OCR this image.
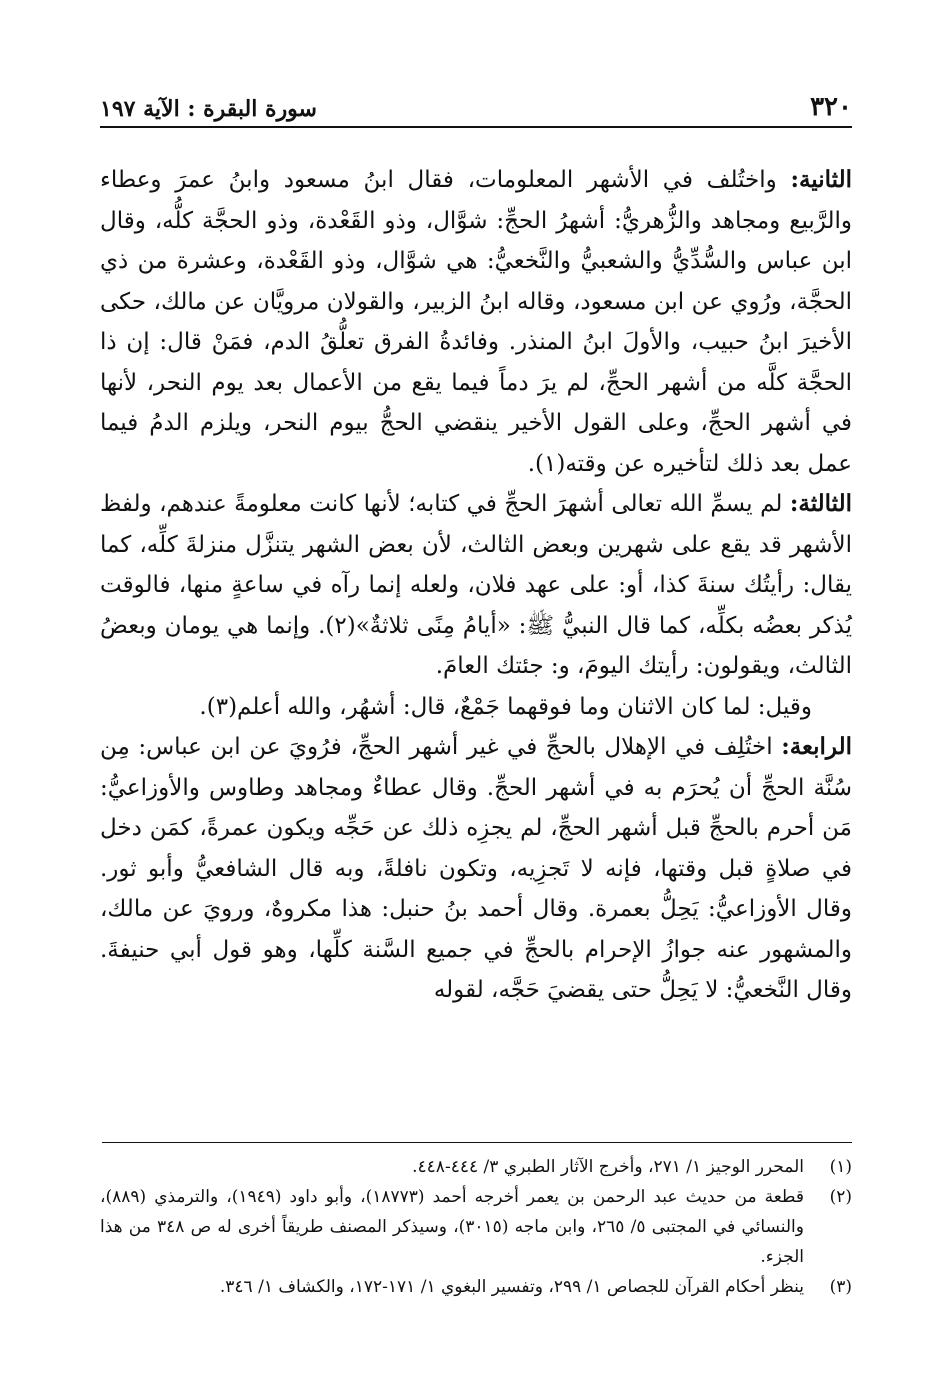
٣٢٠
سورة البقرة : الآية ١٩٧

الثانية: واختُلف في الأشهر المعلومات، فقال ابنُ مسعود وابنُ عمرَ وعطاء والرَّبيع ومجاهد والزُّهريُّ: أشهرُ الحجِّ: شوَّال، وذو القَعْدة، وذو الحجَّة كلُّه، وقال ابن عباس والسُّدِّيُّ والشعبيُّ والنَّخعيُّ: هي شوَّال، وذو القَعْدة، وعشرة من ذي الحجَّة، ورُوي عن ابن مسعود، وقاله ابنُ الزبير، والقولان مرويَّان عن مالك، حكى الأخيرَ ابنُ حبيب، والأولَ ابنُ المنذر. وفائدةُ الفرق تعلُّقُ الدم، فمَنْ قال: إن ذا الحجَّة كلَّه من أشهر الحجِّ، لم يرَ دماً فيما يقع من الأعمال بعد يوم النحر، لأنها في أشهر الحجِّ، وعلى القول الأخير ينقضي الحجُّ بيوم النحر، ويلزم الدمُ فيما عمل بعد ذلك لتأخيره عن وقته(١).

الثالثة: لم يسمِّ الله تعالى أشهرَ الحجِّ في كتابه؛ لأنها كانت معلومةً عندهم، ولفظ الأشهر قد يقع على شهرين وبعض الثالث، لأن بعض الشهر يتنزَّل منزلةَ كلِّه، كما يقال: رأيتُك سنةَ كذا، أو: على عهد فلان، ولعله إنما رآه في ساعةٍ منها، فالوقت يُذكر بعضُه بكلِّه، كما قال النبيُّ ﷺ: «أيامُ مِنًى ثلاثةٌ»(٢). وإنما هي يومان وبعضُ الثالث، ويقولون: رأيتك اليومَ، و: جئتك العامَ.

وقيل: لما كان الاثنان وما فوقهما جَمْعٌ، قال: أشهُر، والله أعلم(٣).

الرابعة: اختُلِف في الإهلال بالحجِّ في غير أشهر الحجِّ، فرُويَ عن ابن عباس: مِن سُنَّة الحجِّ أن يُحرَم به في أشهر الحجِّ. وقال عطاءٌ ومجاهد وطاوس والأوزاعيُّ: مَن أحرم بالحجِّ قبل أشهر الحجِّ، لم يجزِه ذلك عن حَجِّه ويكون عمرةً، كمَن دخل في صلاةٍ قبل وقتها، فإنه لا تَجزِيه، وتكون نافلةً، وبه قال الشافعيُّ وأبو ثور. وقال الأوزاعيُّ: يَحِلُّ بعمرة. وقال أحمد بنُ حنبل: هذا مكروهٌ، ورويَ عن مالك، والمشهور عنه جوازُ الإحرام بالحجِّ في جميع السَّنة كلِّها، وهو قول أبي حنيفةَ. وقال النَّخعيُّ: لا يَحِلُّ حتى يقضيَ حَجَّه، لقوله

(١)
المحرر الوجيز ١/ ٢٧١، وأخرج الآثار الطبري ٣/ ٤٤٤-٤٤٨.
(٢)
قطعة من حديث عبد الرحمن بن يعمر أخرجه أحمد (١٨٧٧٣)، وأبو داود (١٩٤٩)، والترمذي (٨٨٩)، والنسائي في المجتبى ٥/ ٢٦٥، وابن ماجه (٣٠١٥)، وسيذكر المصنف طريقاً أخرى له ص ٣٤٨ من هذا الجزء.
(٣)
ينظر أحكام القرآن للجصاص ١/ ٢٩٩، وتفسير البغوي ١/ ١٧١-١٧٢، والكشاف ١/ ٣٤٦.
